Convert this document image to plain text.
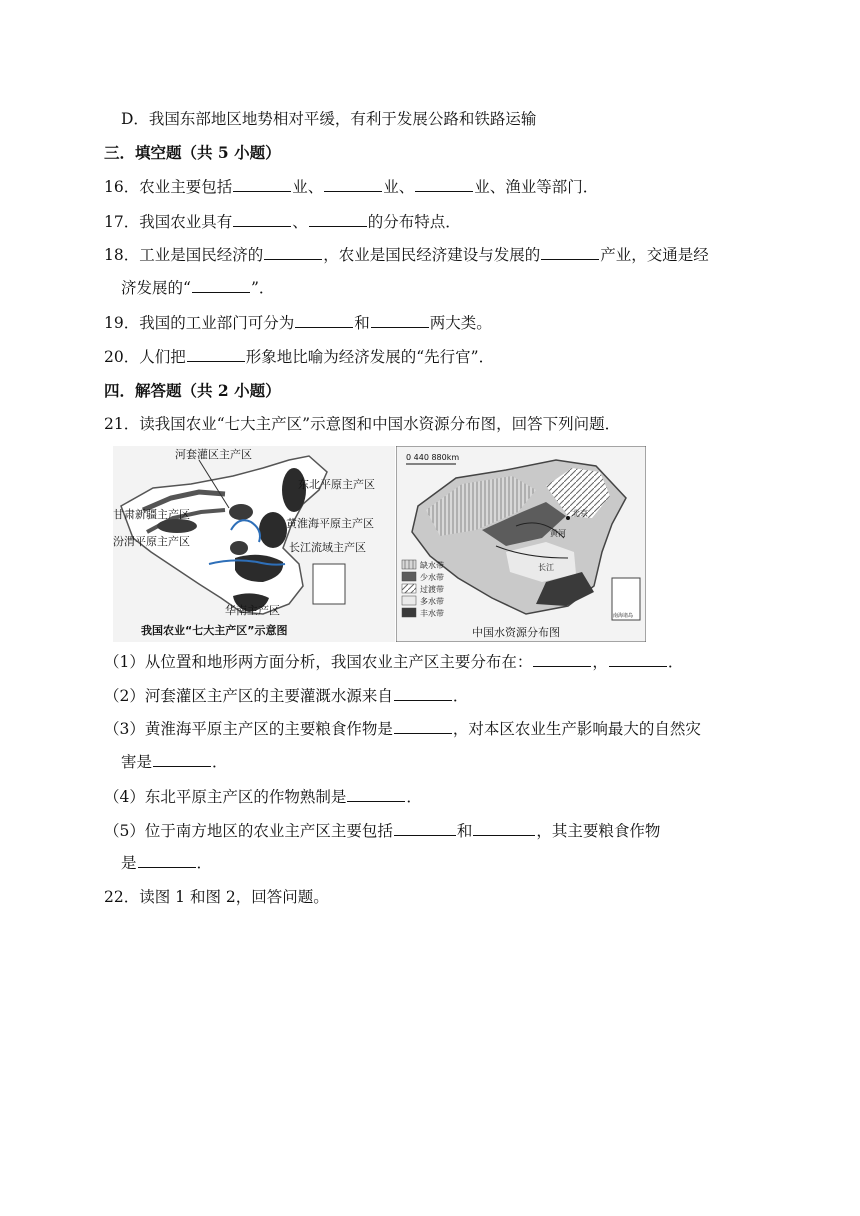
D．我国东部地区地势相对平缓，有利于发展公路和铁路运输
三．填空题（共 5 小题）
16．农业主要包括	业、	业、	业、渔业等部门．
17．我国农业具有	、	的分布特点．
18．工业是国民经济的	，农业是国民经济建设与发展的	产业，交通是经
济发展的“	”．
19．我国的工业部门可分为	和	两大类。
20．人们把	形象地比喻为经济发展的“先行官”．
四．解答题（共 2 小题）
21．读我国农业“七大主产区”示意图和中国水资源分布图，回答下列问题．
河套灌区主产区
东北平原主产区
甘肃新疆主产区
黄淮海平原主产区
汾渭平原主产区	长江流域主产区
华南主产区
我国农业“七大主产区”示意图
0 440 880km
北京
黄河
长江
南海诸岛
缺水带
少水带
过渡带
多水带
丰水带
中国水资源分布图
（1）从位置和地形两方面分析，我国农业主产区主要分布在：	，	．
（2）河套灌区主产区的主要灌溉水源来自	．
（3）黄淮海平原主产区的主要粮食作物是	，对本区农业生产影响最大的自然灾
害是	．
（4）东北平原主产区的作物熟制是	．
（5）位于南方地区的农业主产区主要包括	和	，其主要粮食作物
是	．
22．读图 1 和图 2，回答问题。
